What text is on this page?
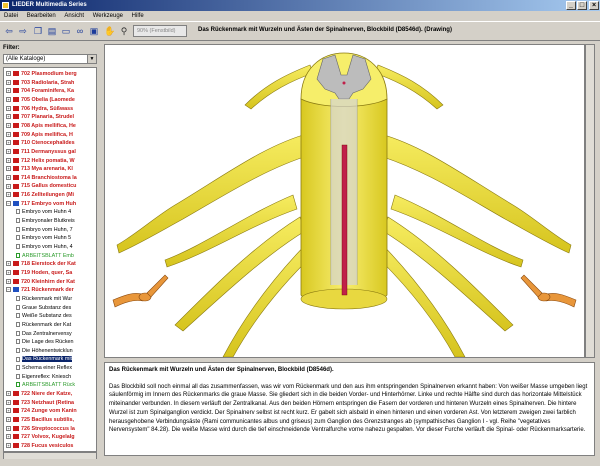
LIEDER Multimedia Series	_ □	×
Datei Bearbeiten Ansicht Werkzeuge Hilfe
⇦ ⇨ ❐ ▤ ▭ ∞ ▣ ✋ ⚲	90% (Fenstbild)	Das Rückenmark mit Wurzeln und Ästen der Spinalnerven, Blockbild (D8546d). (Drawing)
Filter:
(Alle Kataloge)	▼
+ 702 Plasmodium berg
+ 703 Radiolaria, Strah
+ 704 Foraminifera, Ka
+ 705 Obelia (Laomede
+ 706 Hydra, Süßwass
+ 707 Planaria, Strudel
+ 708 Apis mellifica, He
+ 709 Apis mellifica, H
+ 710 Ctenocephalides
+ 711 Dermanyssus gal
+ 712 Helix pomatia, W
+ 713 Mya arenaria, Kl
+ 714 Branchiostoma la
+ 715 Gallus domesticu
+ 716 Zellteilungen (Mi
− 717 Embryo vom Huh
Embryo vom Huhn 4
Embryonaler Blutkreis
Embryo vom Huhn, 7
Embryo vom Huhn 5
Embryo vom Huhn, 4
ARBEITSBLATT Emb
+ 718 Eierstock der Kat
+ 719 Hoden, quer, Sa
+ 720 Kleinhirn der Kat
− 721 Rückenmark der
Rückenmark mit Wur
Graue Substanz des
Weiße Substanz des
Rückenmark der Kat
Das Zentralnervensy
Die Lage des Rücken
Die Höhenentwicklun
Das Rückenmark mit
Schema einer Reflex
Eigenreflex: Kniesch
ARBEITSBLATT Rück
+ 722 Niere der Katze,
+ 723 Netzhaut (Retina
+ 724 Zunge vom Kanin
+ 725 Bacillus subtilis,
+ 726 Streptococcus la
+ 727 Volvox, Kugelalg
+ 728 Fucus vesiculos
Das Rückenmark mit Wurzeln und Ästen der Spinalnerven, Blockbild (D8546d).
Das Blockbild soll noch einmal all das zusammenfassen, was wir vom Rückenmark und den aus ihm entspringenden Spinalnerven erkannt haben: Von weißer Masse umgeben liegt säulenförmig im Innern des Rückenmarks die graue Masse. Sie gliedert sich in die beiden Vorder- und Hinterhörner. Linke und rechte Hälfte sind durch das horizontale Mittelstück miteinander verbunden. In diesem verläuft der Zentralkanal. Aus den beiden Hörnern entspringen die Fasern der vorderen und hinteren Wurzeln eines Spinalnerven. Die hintere Wurzel ist zum Spinalganglion verdickt. Der Spinalnerv selbst ist recht kurz. Er gabelt sich alsbald in einen hinteren und einen vorderen Ast. Von letzterem zweigen zwei farblich herausgehobene Verbindungsäste (Rami communicantes albus und griseus) zum Ganglion des Grenzstranges ab (sympathisches Ganglion I - vgl. Reihe "vegetatives Nervensystem" 84.28). Die weiße Masse wird durch die tief einschneidende Ventralfurche vorne nahezu gespalten. Vor dieser Furche verläuft die Spinal- oder Rückenmarksarterie.
